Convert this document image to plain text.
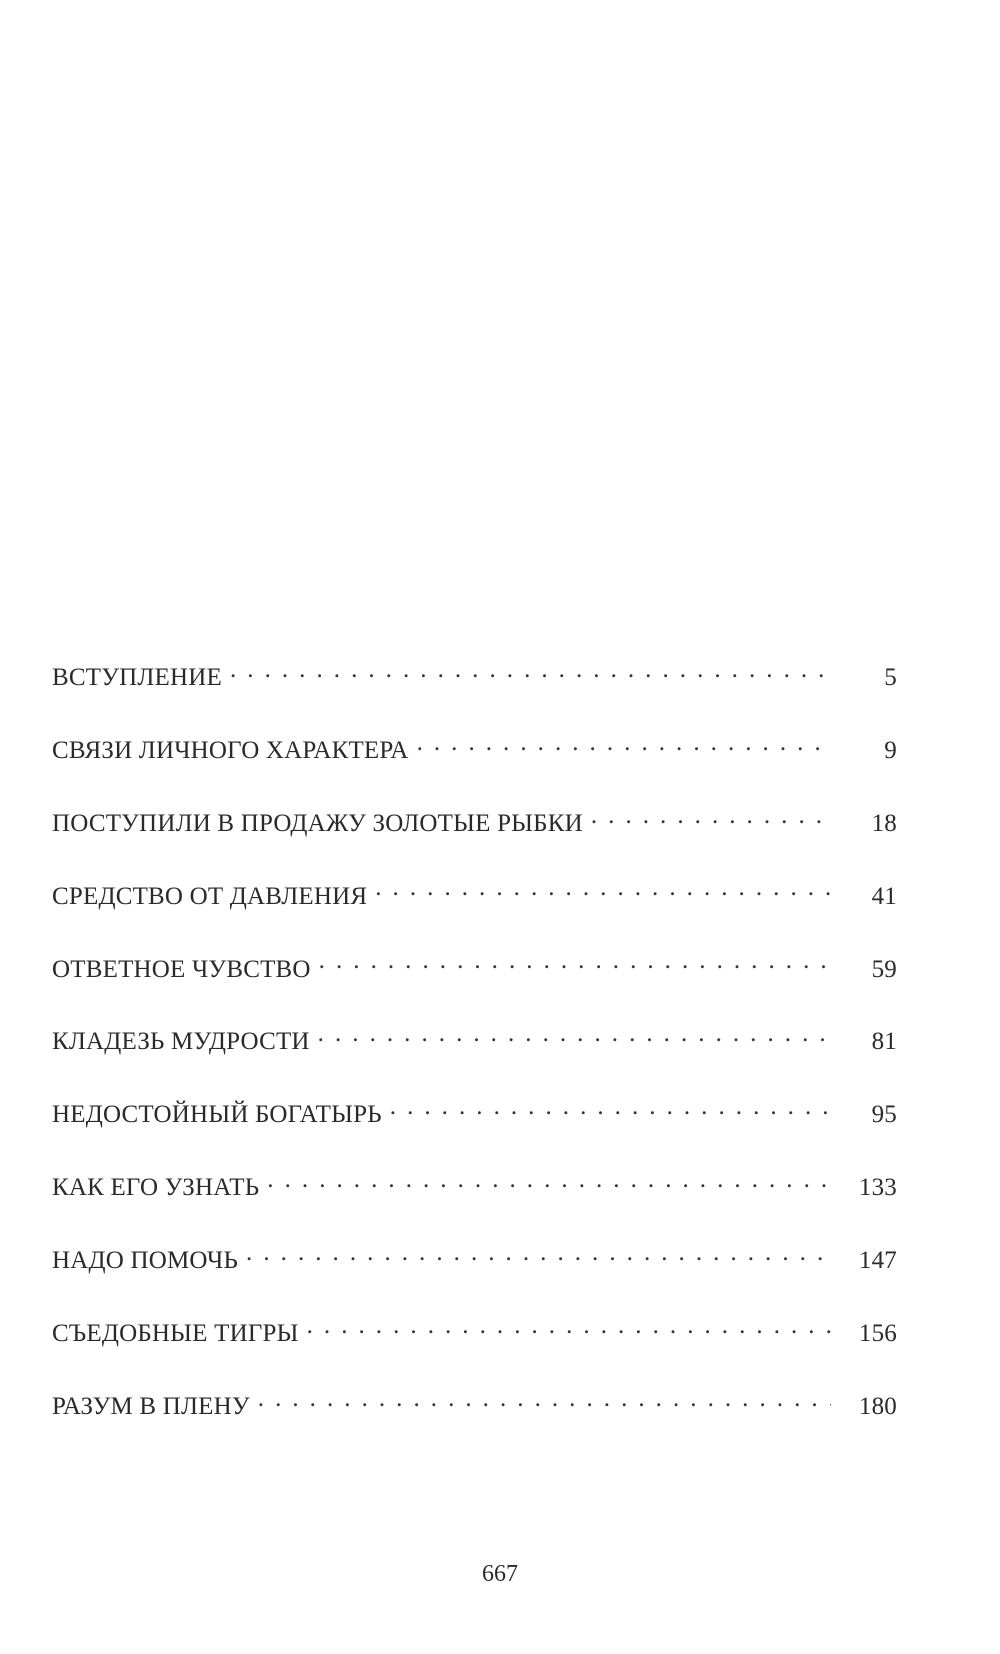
ВСТУПЛЕНИЕ . . .	5
СВЯЗИ ЛИЧНОГО ХАРАКТЕРА . . .	9
ПОСТУПИЛИ В ПРОДАЖУ ЗОЛОТЫЕ РЫБКИ . . .	18
СРЕДСТВО ОТ ДАВЛЕНИЯ . . .	41
ОТВЕТНОЕ ЧУВСТВО . . .	59
КЛАДЕЗЬ МУДРОСТИ . . .	81
НЕДОСТОЙНЫЙ БОГАТЫРЬ . . .	95
КАК ЕГО УЗНАТЬ . . .	133
НАДО ПОМОЧЬ . . .	147
СЪЕДОБНЫЕ ТИГРЫ . . .	156
РАЗУМ В ПЛЕНУ . . .	180
667
